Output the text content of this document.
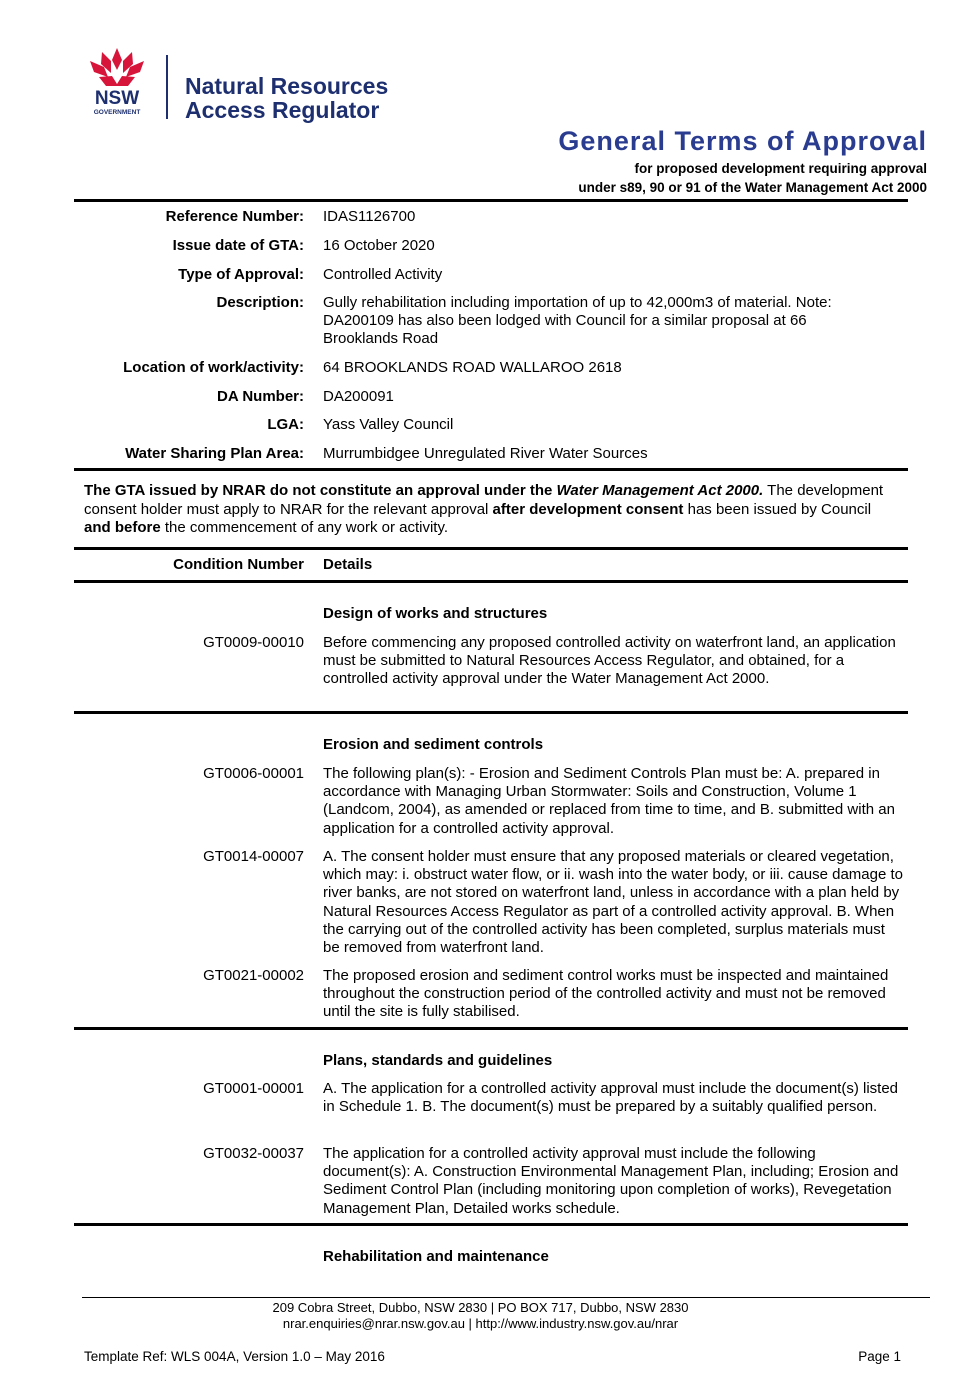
NSW
GOVERNMENT
Natural Resources
Access Regulator
General Terms of Approval
for proposed development requiring approval
under s89, 90 or 91 of the Water Management Act 2000
Reference Number: IDAS1126700
Issue date of GTA: 16 October 2020
Type of Approval: Controlled Activity
Description: Gully rehabilitation including importation of up to 42,000m3 of material. Note: DA200109 has also been lodged with Council for a similar proposal at 66 Brooklands Road
Location of work/activity: 64 BROOKLANDS ROAD WALLAROO 2618
DA Number: DA200091
LGA: Yass Valley Council
Water Sharing Plan Area: Murrumbidgee Unregulated River Water Sources
The GTA issued by NRAR do not constitute an approval under the Water Management Act 2000. The development consent holder must apply to NRAR for the relevant approval after development consent has been issued by Council and before the commencement of any work or activity.
Condition Number Details
Design of works and structures
GT0009-00010 Before commencing any proposed controlled activity on waterfront land, an application must be submitted to Natural Resources Access Regulator, and obtained, for a controlled activity approval under the Water Management Act 2000.
Erosion and sediment controls
GT0006-00001 The following plan(s): - Erosion and Sediment Controls Plan must be: A. prepared in accordance with Managing Urban Stormwater: Soils and Construction, Volume 1 (Landcom, 2004), as amended or replaced from time to time, and B. submitted with an application for a controlled activity approval.
GT0014-00007 A. The consent holder must ensure that any proposed materials or cleared vegetation, which may: i. obstruct water flow, or ii. wash into the water body, or iii. cause damage to river banks, are not stored on waterfront land, unless in accordance with a plan held by Natural Resources Access Regulator as part of a controlled activity approval. B. When the carrying out of the controlled activity has been completed, surplus materials must be removed from waterfront land.
GT0021-00002 The proposed erosion and sediment control works must be inspected and maintained throughout the construction period of the controlled activity and must not be removed until the site is fully stabilised.
Plans, standards and guidelines
GT0001-00001 A. The application for a controlled activity approval must include the document(s) listed in Schedule 1. B. The document(s) must be prepared by a suitably qualified person.
GT0032-00037 The application for a controlled activity approval must include the following document(s): A. Construction Environmental Management Plan, including; Erosion and Sediment Control Plan (including monitoring upon completion of works), Revegetation Management Plan, Detailed works schedule.
Rehabilitation and maintenance
209 Cobra Street, Dubbo, NSW 2830 | PO BOX 717, Dubbo, NSW 2830
nrar.enquiries@nrar.nsw.gov.au | http://www.industry.nsw.gov.au/nrar
Template Ref: WLS 004A, Version 1.0 – May 2016	Page 1
